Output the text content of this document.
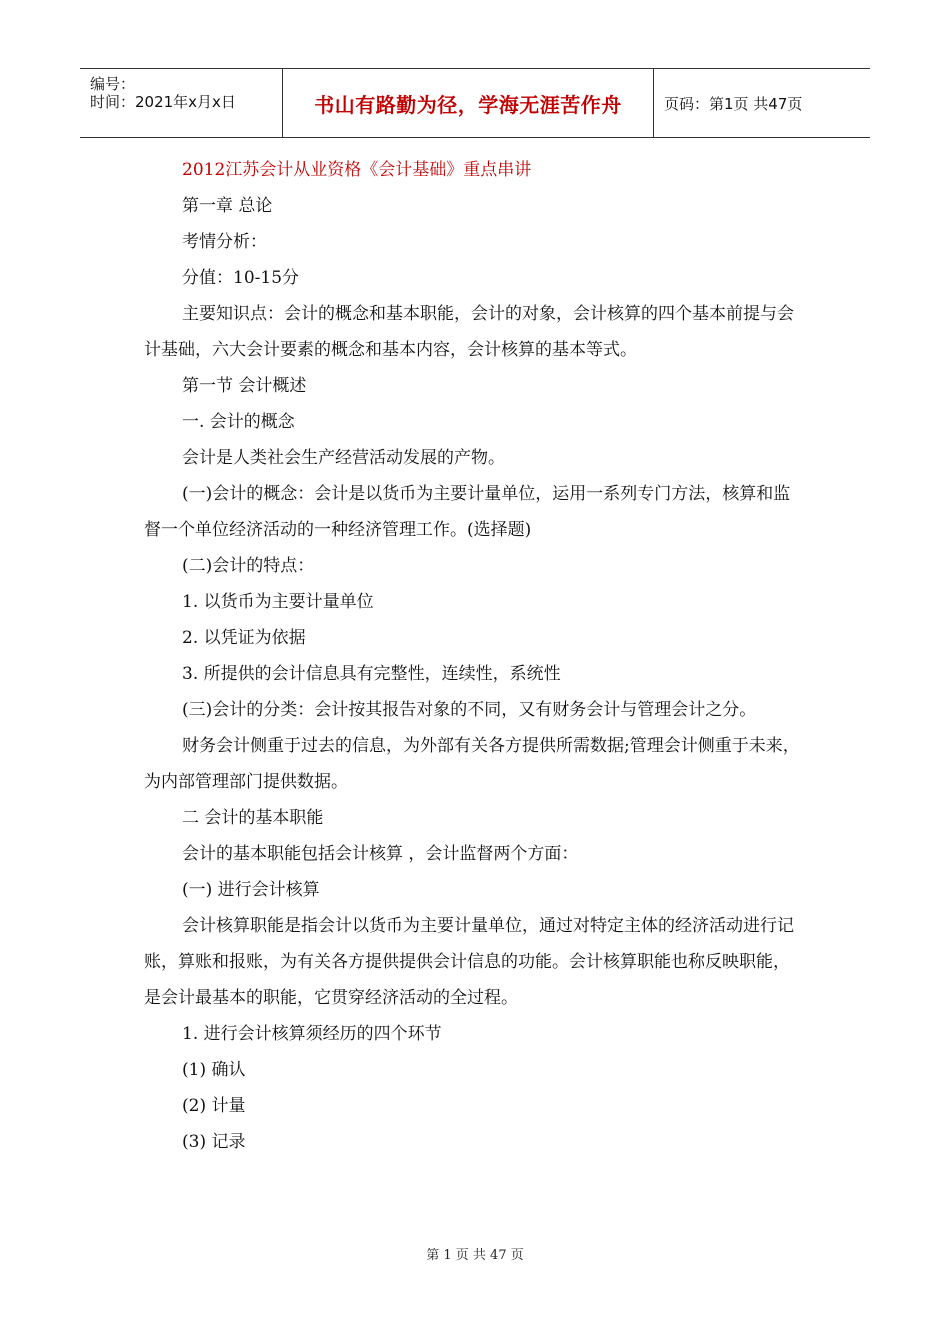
编号：
时间：2021年x月x日	书山有路勤为径，学海无涯苦作舟	页码：第1页 共47页

2012江苏会计从业资格《会计基础》重点串讲

第一章 总论

考情分析：

分值：10-15分

主要知识点：会计的概念和基本职能，会计的对象，会计核算的四个基本前提与会计基础，六大会计要素的概念和基本内容，会计核算的基本等式。

第一节 会计概述

一. 会计的概念

会计是人类社会生产经营活动发展的产物。

(一)会计的概念：会计是以货币为主要计量单位，运用一系列专门方法，核算和监督一个单位经济活动的一种经济管理工作。(选择题)

(二)会计的特点：

1. 以货币为主要计量单位

2. 以凭证为依据

3. 所提供的会计信息具有完整性，连续性，系统性

(三)会计的分类：会计按其报告对象的不同，又有财务会计与管理会计之分。

财务会计侧重于过去的信息，为外部有关各方提供所需数据;管理会计侧重于未来，为内部管理部门提供数据。

二 会计的基本职能

会计的基本职能包括会计核算 ，会计监督两个方面：

(一) 进行会计核算

会计核算职能是指会计以货币为主要计量单位，通过对特定主体的经济活动进行记账，算账和报账，为有关各方提供提供会计信息的功能。会计核算职能也称反映职能，是会计最基本的职能，它贯穿经济活动的全过程。

1. 进行会计核算须经历的四个环节

(1) 确认

(2) 计量

(3) 记录

第 1 页 共 47 页
